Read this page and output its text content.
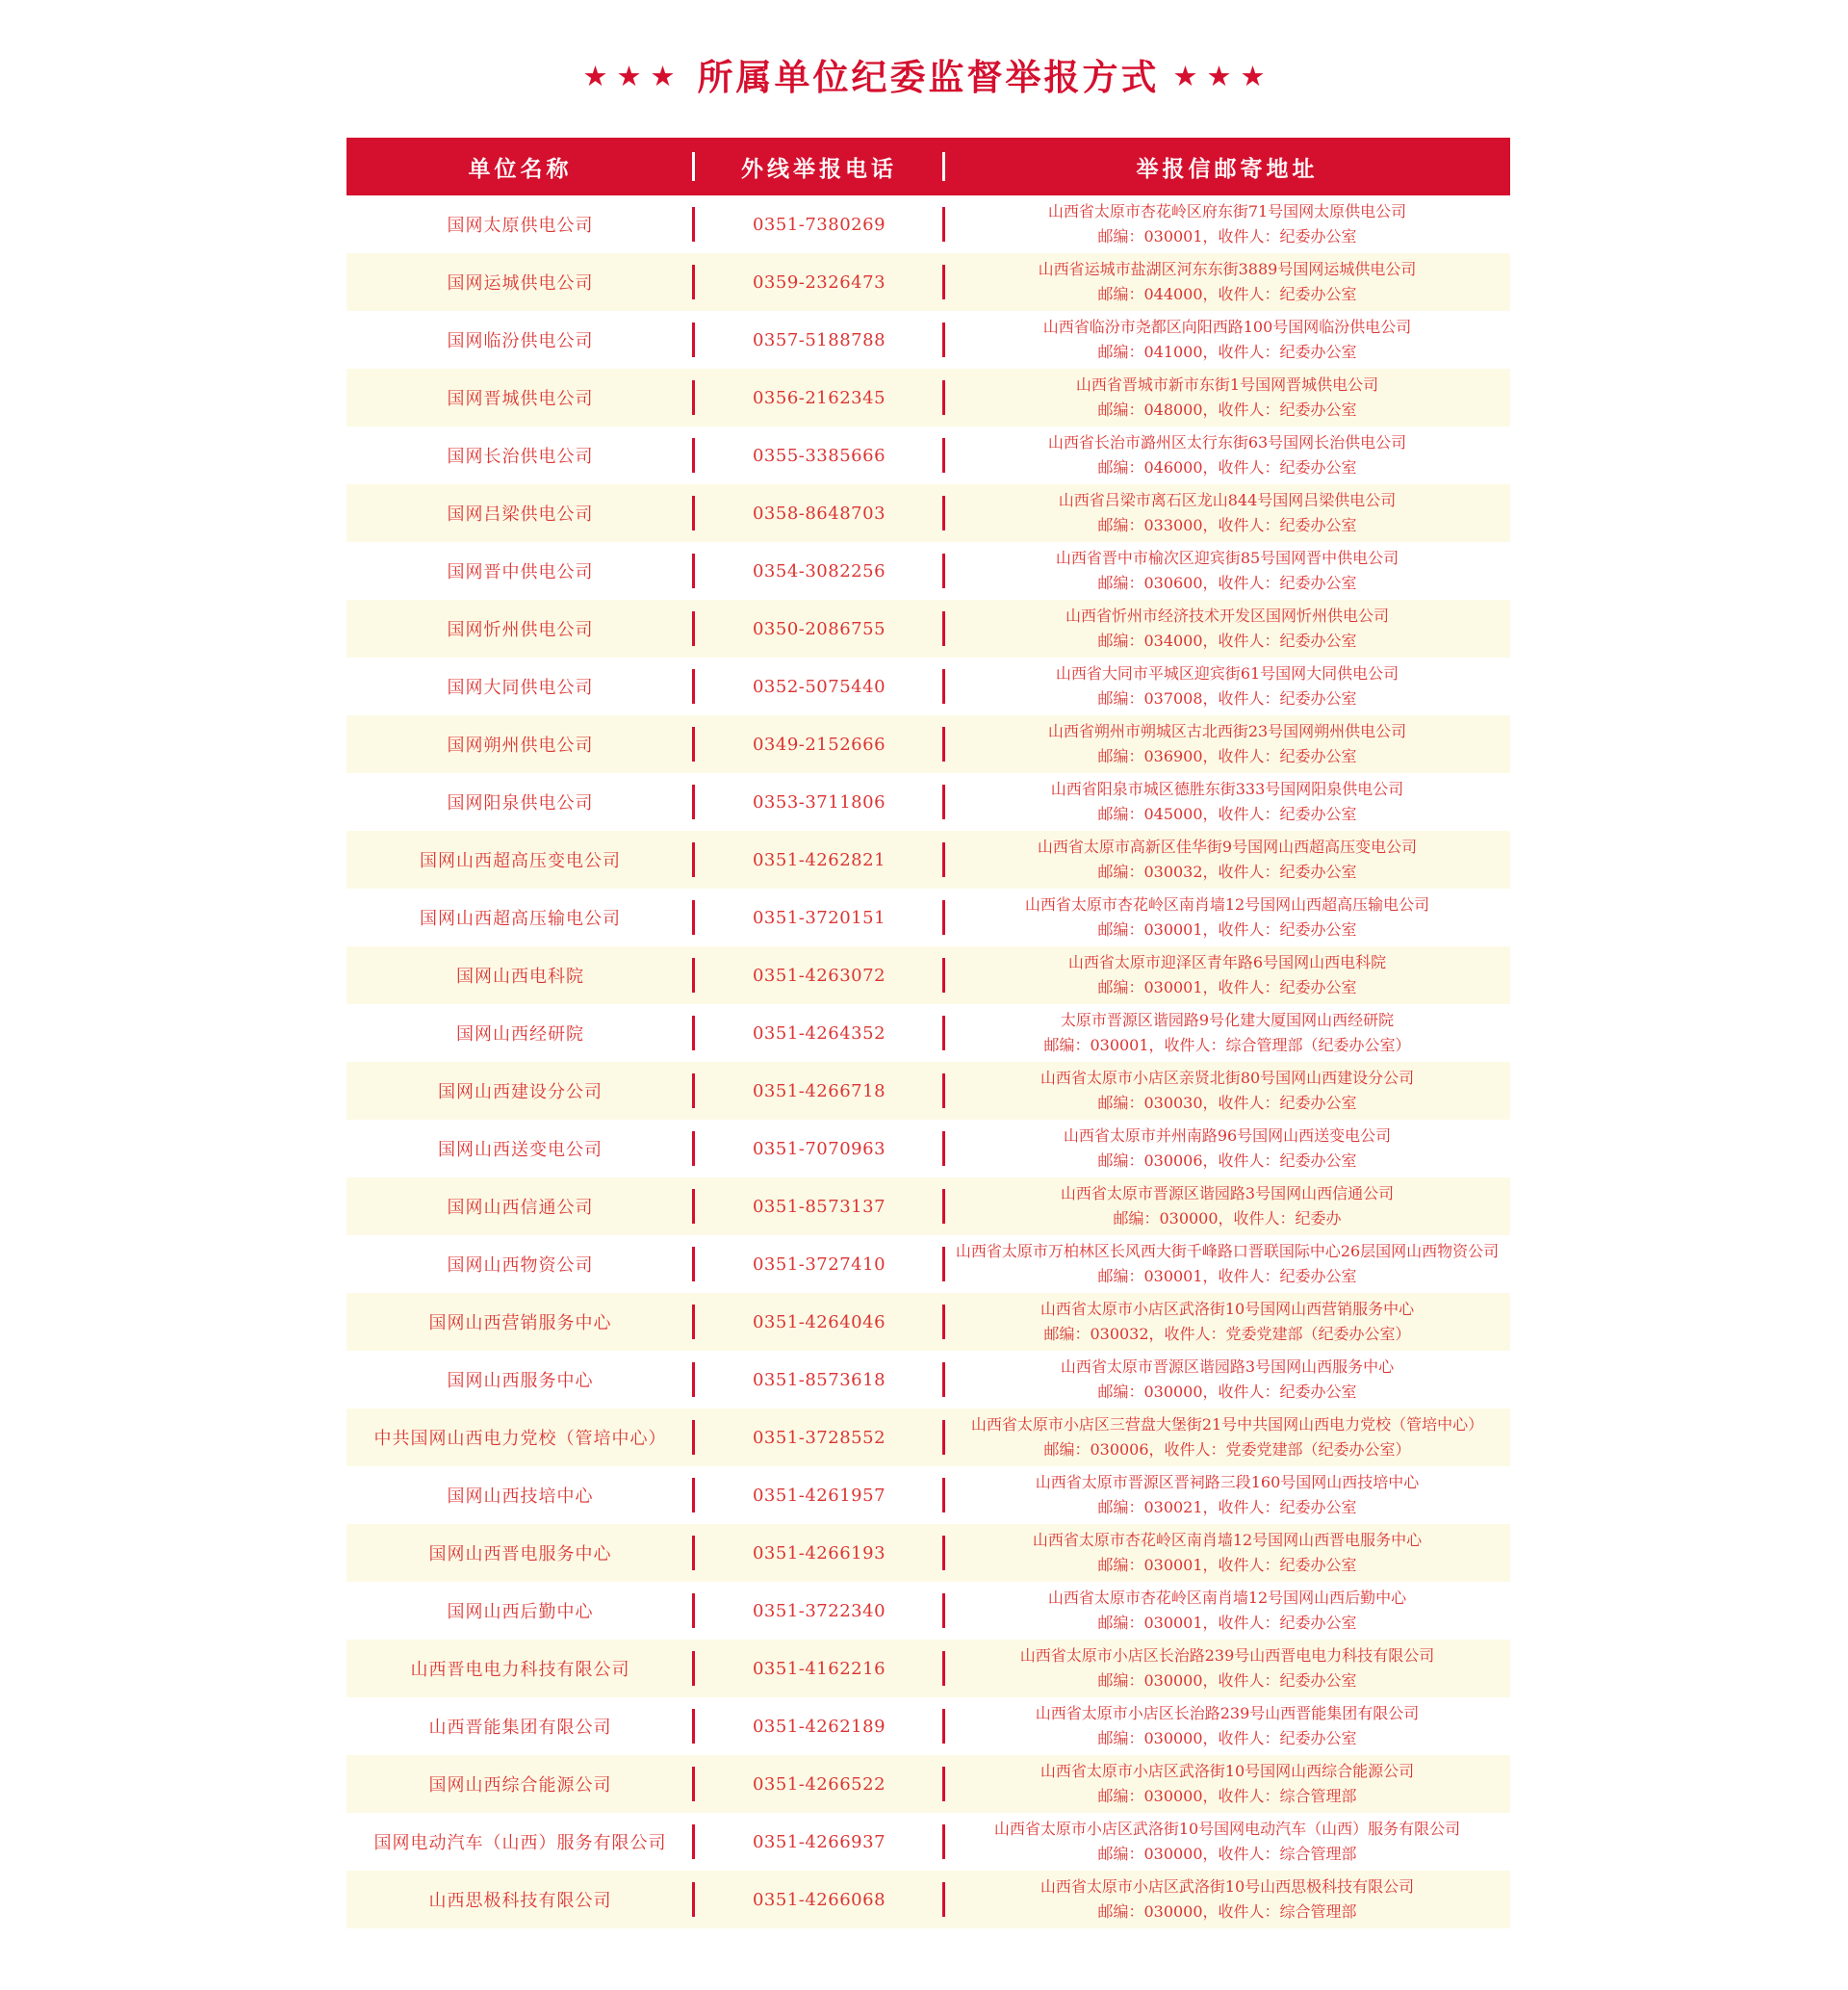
★★★ 所属单位纪委监督举报方式 ★★★
单位名称	外线举报电话	举报信邮寄地址
国网太原供电公司	0351-7380269
山西省太原市杏花岭区府东街71号国网太原供电公司
邮编：030001，收件人：纪委办公室
国网运城供电公司	0359-2326473
山西省运城市盐湖区河东东街3889号国网运城供电公司
邮编：044000，收件人：纪委办公室
国网临汾供电公司	0357-5188788
山西省临汾市尧都区向阳西路100号国网临汾供电公司
邮编：041000，收件人：纪委办公室
国网晋城供电公司	0356-2162345
山西省晋城市新市东街1号国网晋城供电公司
邮编：048000，收件人：纪委办公室
国网长治供电公司	0355-3385666
山西省长治市潞州区太行东街63号国网长治供电公司
邮编：046000，收件人：纪委办公室
国网吕梁供电公司	0358-8648703
山西省吕梁市离石区龙山844号国网吕梁供电公司
邮编：033000，收件人：纪委办公室
国网晋中供电公司	0354-3082256
山西省晋中市榆次区迎宾街85号国网晋中供电公司
邮编：030600，收件人：纪委办公室
国网忻州供电公司	0350-2086755
山西省忻州市经济技术开发区国网忻州供电公司
邮编：034000，收件人：纪委办公室
国网大同供电公司	0352-5075440
山西省大同市平城区迎宾街61号国网大同供电公司
邮编：037008，收件人：纪委办公室
国网朔州供电公司	0349-2152666
山西省朔州市朔城区古北西街23号国网朔州供电公司
邮编：036900，收件人：纪委办公室
国网阳泉供电公司	0353-3711806
山西省阳泉市城区德胜东街333号国网阳泉供电公司
邮编：045000，收件人：纪委办公室
国网山西超高压变电公司	0351-4262821
山西省太原市高新区佳华街9号国网山西超高压变电公司
邮编：030032，收件人：纪委办公室
国网山西超高压输电公司	0351-3720151
山西省太原市杏花岭区南肖墙12号国网山西超高压输电公司
邮编：030001，收件人：纪委办公室
国网山西电科院	0351-4263072
山西省太原市迎泽区青年路6号国网山西电科院
邮编：030001，收件人：纪委办公室
国网山西经研院	0351-4264352
太原市晋源区谐园路9号化建大厦国网山西经研院
邮编：030001，收件人：综合管理部（纪委办公室）
国网山西建设分公司	0351-4266718
山西省太原市小店区亲贤北街80号国网山西建设分公司
邮编：030030，收件人：纪委办公室
国网山西送变电公司	0351-7070963
山西省太原市并州南路96号国网山西送变电公司
邮编：030006，收件人：纪委办公室
国网山西信通公司	0351-8573137
山西省太原市晋源区谐园路3号国网山西信通公司
邮编：030000，收件人：纪委办
国网山西物资公司	0351-3727410
山西省太原市万柏林区长风西大街千峰路口晋联国际中心26层国网山西物资公司
邮编：030001，收件人：纪委办公室
国网山西营销服务中心	0351-4264046
山西省太原市小店区武洛街10号国网山西营销服务中心
邮编：030032，收件人：党委党建部（纪委办公室）
国网山西服务中心	0351-8573618
山西省太原市晋源区谐园路3号国网山西服务中心
邮编：030000，收件人：纪委办公室
中共国网山西电力党校（管培中心）	0351-3728552
山西省太原市小店区三营盘大堡街21号中共国网山西电力党校（管培中心）
邮编：030006，收件人：党委党建部（纪委办公室）
国网山西技培中心	0351-4261957
山西省太原市晋源区晋祠路三段160号国网山西技培中心
邮编：030021，收件人：纪委办公室
国网山西晋电服务中心	0351-4266193
山西省太原市杏花岭区南肖墙12号国网山西晋电服务中心
邮编：030001，收件人：纪委办公室
国网山西后勤中心	0351-3722340
山西省太原市杏花岭区南肖墙12号国网山西后勤中心
邮编：030001，收件人：纪委办公室
山西晋电电力科技有限公司	0351-4162216
山西省太原市小店区长治路239号山西晋电电力科技有限公司
邮编：030000，收件人：纪委办公室
山西晋能集团有限公司	0351-4262189
山西省太原市小店区长治路239号山西晋能集团有限公司
邮编：030000，收件人：纪委办公室
国网山西综合能源公司	0351-4266522
山西省太原市小店区武洛街10号国网山西综合能源公司
邮编：030000，收件人：综合管理部
国网电动汽车（山西）服务有限公司	0351-4266937
山西省太原市小店区武洛街10号国网电动汽车（山西）服务有限公司
邮编：030000，收件人：综合管理部
山西思极科技有限公司	0351-4266068
山西省太原市小店区武洛街10号山西思极科技有限公司
邮编：030000，收件人：综合管理部
